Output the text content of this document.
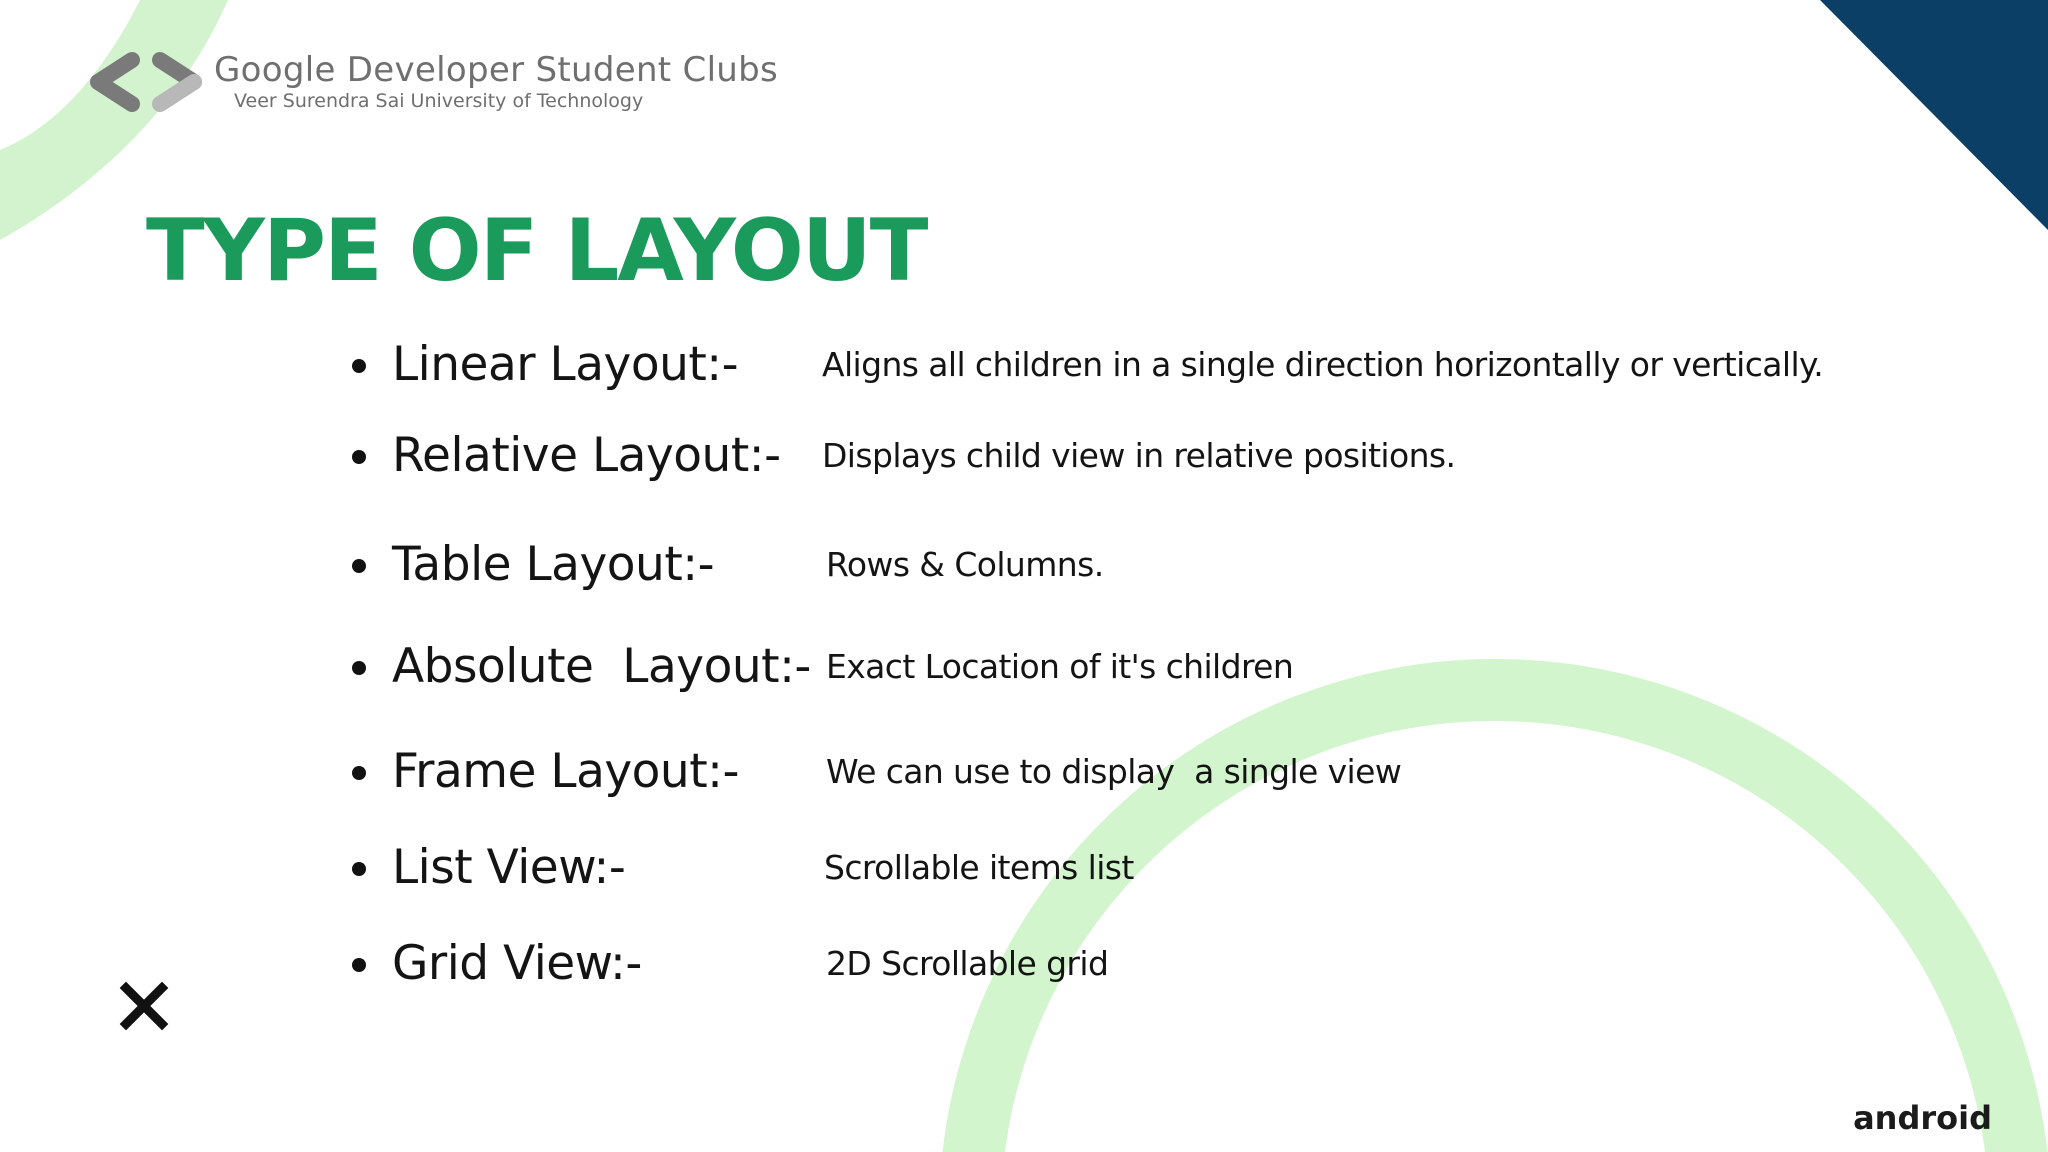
Google Developer Student Clubs
Veer Surendra Sai University of Technology
TYPE OF LAYOUT
Linear Layout:-	Aligns all children in a single direction horizontally or vertically.
Relative Layout:- Displays child view in relative positions.
Table Layout:-	Rows & Columns.
Absolute  Layout:- Exact Location of it's children
Frame Layout:-	We can use to display  a single view
List View:-	Scrollable items list
Grid View:-	2D Scrollable grid
android
